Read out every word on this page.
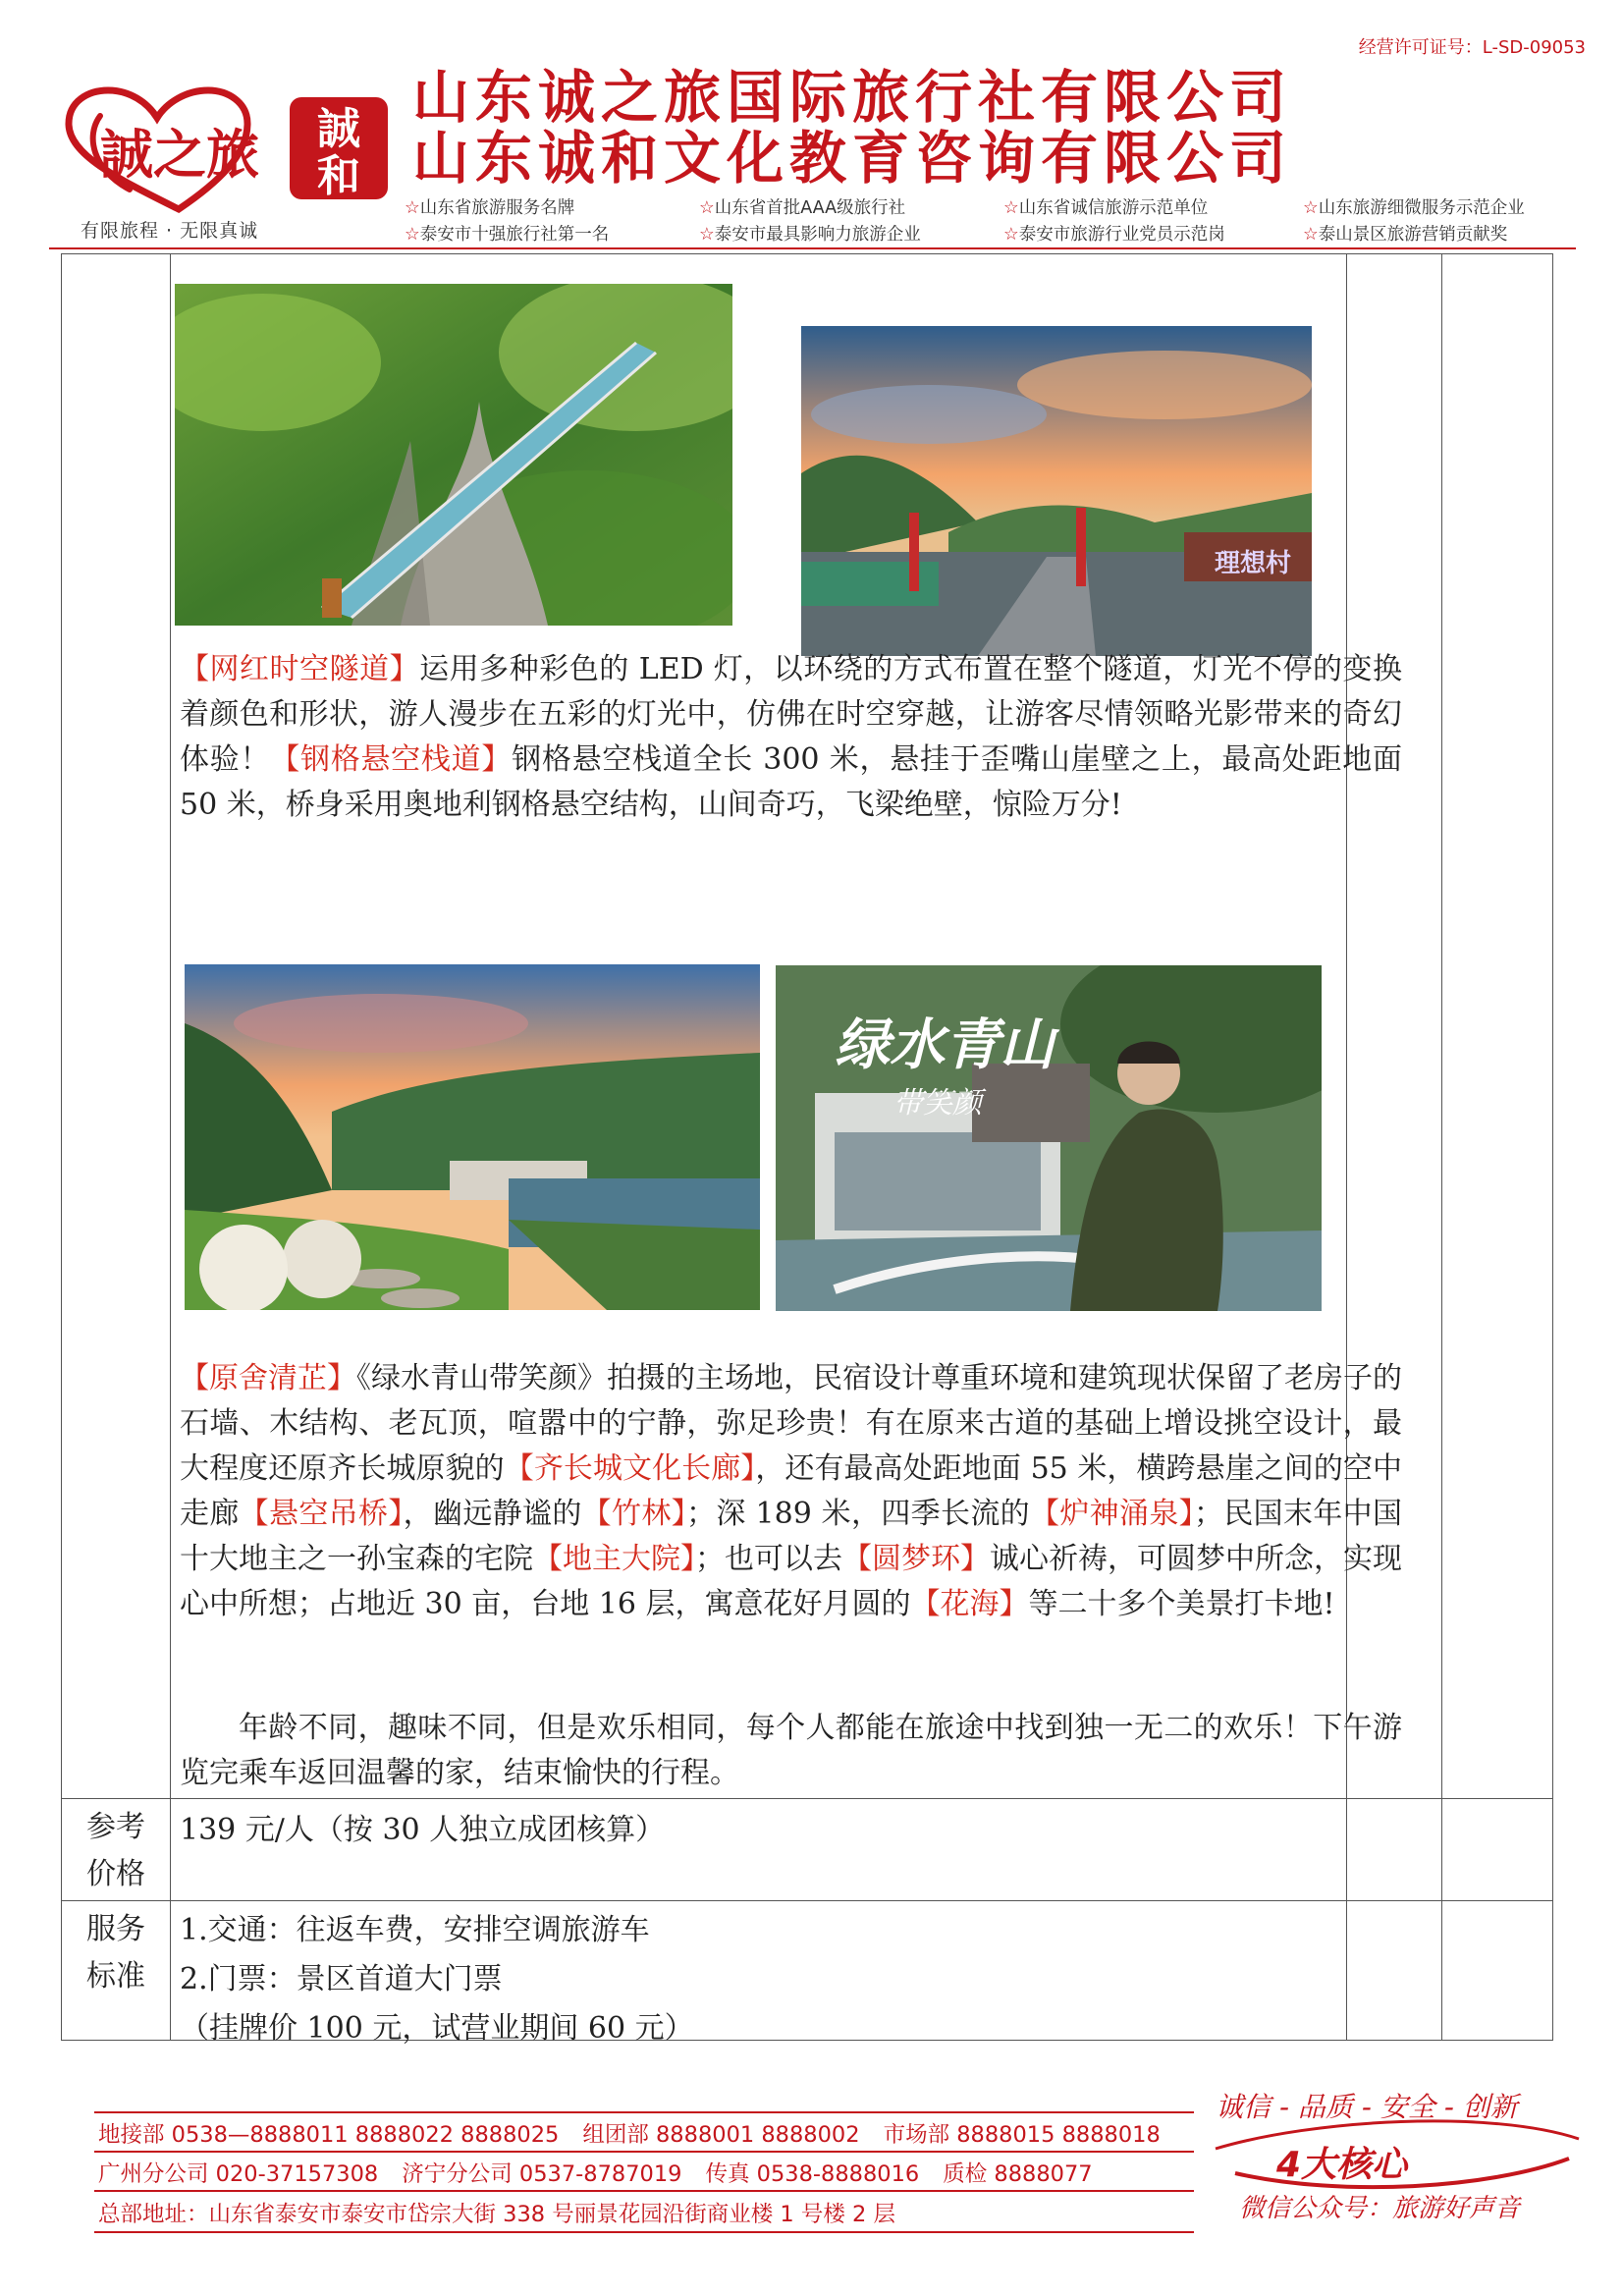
经营许可证号：L-SD-09053
誠之旅 誠
和
有限旅程 · 无限真诚
山东诚之旅国际旅行社有限公司
山东诚和文化教育咨询有限公司
☆山东省旅游服务名牌	☆山东省首批AAA级旅行社	☆山东省诚信旅游示范单位	☆山东旅游细微服务示范企业
☆泰安市十强旅行社第一名	☆泰安市最具影响力旅游企业	☆泰安市旅游行业党员示范岗	☆泰山景区旅游营销贡献奖
理想村
【网红时空隧道】运用多种彩色的 LED 灯，以环绕的方式布置在整个隧道，灯光不停的变换着颜色和形状，游人漫步在五彩的灯光中，仿佛在时空穿越，让游客尽情领略光影带来的奇幻体验！【钢格悬空栈道】钢格悬空栈道全长 300 米，悬挂于歪嘴山崖壁之上，最高处距地面 50 米，桥身采用奥地利钢格悬空结构，山间奇巧，飞梁绝壁，惊险万分!
绿水青山
带笑颜
【原舍清芷】《绿水青山带笑颜》拍摄的主场地，民宿设计尊重环境和建筑现状保留了老房子的石墙、木结构、老瓦顶，喧嚣中的宁静，弥足珍贵！有在原来古道的基础上增设挑空设计，最大程度还原齐长城原貌的【齐长城文化长廊】，还有最高处距地面 55 米，横跨悬崖之间的空中走廊【悬空吊桥】，幽远静谧的【竹林】；深 189 米，四季长流的【炉神涌泉】；民国末年中国十大地主之一孙宝森的宅院【地主大院】；也可以去【圆梦环】诚心祈祷，可圆梦中所念，实现心中所想；占地近 30 亩，台地 16 层，寓意花好月圆的【花海】等二十多个美景打卡地!
年龄不同，趣味不同，但是欢乐相同，每个人都能在旅途中找到独一无二的欢乐！下午游览完乘车返回温馨的家，结束愉快的行程。
参考
价格
139 元/人（按 30 人独立成团核算）
服务
标准
1.交通：往返车费，安排空调旅游车
2.门票：景区首道大门票
（挂牌价 100 元，试营业期间 60 元）
地接部 0538—8888011 8888022 8888025 组团部 8888001 8888002 市场部 8888015 8888018
广州分公司 020-37157308 济宁分公司 0537-8787019 传真 0538-8888016 质检 8888077
总部地址：山东省泰安市泰安市岱宗大街 338 号丽景花园沿街商业楼 1 号楼 2 层
诚信 - 品质 - 安全 - 创新
4大核心
微信公众号：旅游好声音
